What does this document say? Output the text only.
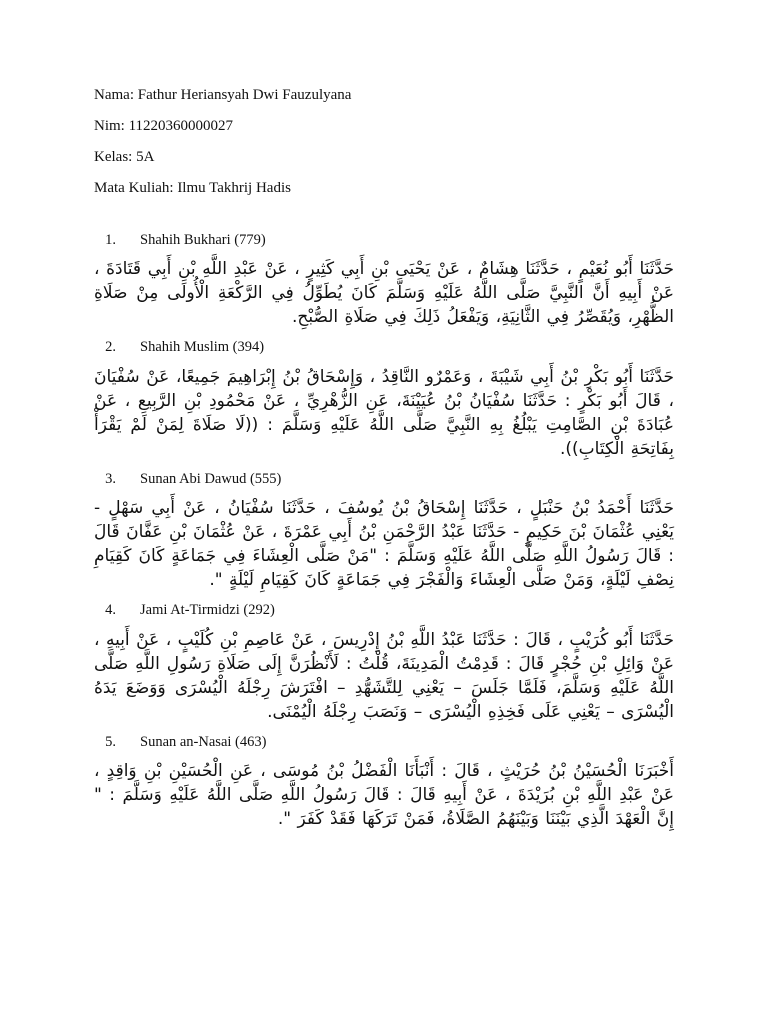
Nama: Fathur Heriansyah Dwi Fauzulyana

Nim: 11220360000027

Kelas: 5A

Mata Kuliah: Ilmu Takhrij Hadis

1. Shahih Bukhari (779)

حَدَّثَنَا أَبُو نُعَيْمٍ ، حَدَّثَنَا هِشَامٌ ، عَنْ يَحْيَى بْنِ أَبِي كَثِيرٍ ، عَنْ عَبْدِ اللَّهِ بْنِ أَبِي قَتَادَةَ ، عَنْ أَبِيهِ أَنَّ النَّبِيَّ صَلَّى اللَّهُ عَلَيْهِ وَسَلَّمَ كَانَ يُطَوِّلُ فِي الرَّكْعَةِ الْأُولَى مِنْ صَلَاةِ الظُّهْرِ، وَيُقَصِّرُ فِي الثَّانِيَةِ، وَيَفْعَلُ ذَلِكَ فِي صَلَاةِ الصُّبْحِ.

2. Shahih Muslim (394)

حَدَّثَنَا أَبُو بَكْرِ بْنُ أَبِي شَيْبَةَ ، وَعَمْرٌو النَّاقِدُ ، وَإِسْحَاقُ بْنُ إِبْرَاهِيمَ جَمِيعًا، عَنْ سُفْيَانَ ، قَالَ أَبُو بَكْرٍ : حَدَّثَنَا سُفْيَانُ بْنُ عُيَيْنَةَ، عَنِ الزُّهْرِيِّ ، عَنْ مَحْمُودِ بْنِ الرَّبِيعِ ، عَنْ عُبَادَةَ بْنِ الصَّامِتِ يَبْلُغُ بِهِ النَّبِيَّ صَلَّى اللَّهُ عَلَيْهِ وَسَلَّمَ : ((لَا صَلَاةَ لِمَنْ لَمْ يَقْرَأْ بِفَاتِحَةِ الْكِتَابِ)).

3. Sunan Abi Dawud (555)

حَدَّثَنَا أَحْمَدُ بْنُ حَنْبَلٍ ، حَدَّثَنَا إِسْحَاقُ بْنُ يُوسُفَ ، حَدَّثَنَا سُفْيَانُ ، عَنْ أَبِي سَهْلٍ - يَعْنِي عُثْمَانَ بْنَ حَكِيمٍ - حَدَّثَنَا عَبْدُ الرَّحْمَنِ بْنُ أَبِي عَمْرَةَ ، عَنْ عُثْمَانَ بْنِ عَفَّانَ قَالَ : قَالَ رَسُولُ اللَّهِ صَلَّى اللَّهُ عَلَيْهِ وَسَلَّمَ : "مَنْ صَلَّى الْعِشَاءَ فِي جَمَاعَةٍ كَانَ كَقِيَامِ نِصْفِ لَيْلَةٍ، وَمَنْ صَلَّى الْعِشَاءَ وَالْفَجْرَ فِي جَمَاعَةٍ كَانَ كَقِيَامِ لَيْلَةٍ ".

4. Jami At-Tirmidzi (292)

حَدَّثَنَا أَبُو كُرَيْبٍ ، قَالَ : حَدَّثَنَا عَبْدُ اللَّهِ بْنُ إِدْرِيسَ ، عَنْ عَاصِمِ بْنِ كُلَيْبٍ ، عَنْ أَبِيهِ ، عَنْ وَائِلِ بْنِ حُجْرٍ قَالَ : قَدِمْتُ الْمَدِينَةَ، قُلْتُ : لَأَنْظُرَنَّ إِلَى صَلَاةِ رَسُولِ اللَّهِ صَلَّى اللَّهُ عَلَيْهِ وَسَلَّمَ، فَلَمَّا جَلَسَ – يَعْنِي لِلتَّشَهُّدِ – افْتَرَشَ رِجْلَهُ الْيُسْرَى وَوَضَعَ يَدَهُ الْيُسْرَى – يَعْنِي عَلَى فَخِذِهِ الْيُسْرَى – وَنَصَبَ رِجْلَهُ الْيُمْنَى.

5. Sunan an-Nasai (463)

أَخْبَرَنَا الْحُسَيْنُ بْنُ حُرَيْثٍ ، قَالَ : أَنْبَأَنَا الْفَضْلُ بْنُ مُوسَى ، عَنِ الْحُسَيْنِ بْنِ وَاقِدٍ ، عَنْ عَبْدِ اللَّهِ بْنِ بُرَيْدَةَ ، عَنْ أَبِيهِ قَالَ : قَالَ رَسُولُ اللَّهِ صَلَّى اللَّهُ عَلَيْهِ وَسَلَّمَ : " إِنَّ الْعَهْدَ الَّذِي بَيْنَنَا وَبَيْنَهُمُ الصَّلَاةُ، فَمَنْ تَرَكَهَا فَقَدْ كَفَرَ ".
